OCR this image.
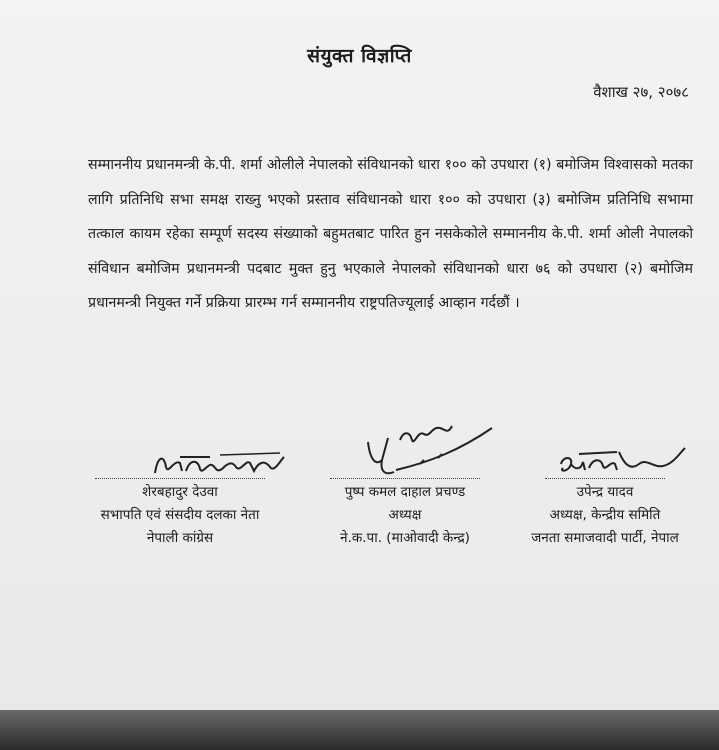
संयुक्त विज्ञप्ति
वैशाख २७, २०७८
सम्माननीय प्रधानमन्त्री के.पी. शर्मा ओलीले नेपालको संविधानको धारा १०० को उपधारा (१) बमोजिम विश्वासको मतका लागि प्रतिनिधि सभा समक्ष राख्नु भएको प्रस्ताव संविधानको धारा १०० को उपधारा (३) बमोजिम प्रतिनिधि सभामा तत्काल कायम रहेका सम्पूर्ण सदस्य संख्याको बहुमतबाट पारित हुन नसकेकोले सम्माननीय के.पी. शर्मा ओली नेपालको संविधान बमोजिम प्रधानमन्त्री पदबाट मुक्त हुनु भएकाले नेपालको संविधानको धारा ७६ को उपधारा (२) बमोजिम प्रधानमन्त्री नियुक्त गर्ने प्रक्रिया प्रारम्भ गर्न सम्माननीय राष्ट्रपतिज्यूलाई आव्हान गर्दछौं ।
शेरबहादुर देउवा
सभापति एवं संसदीय दलका नेता
नेपाली कांग्रेस
पुष्प कमल दाहाल प्रचण्ड
अध्यक्ष
ने.क.पा. (माओवादी केन्द्र)
उपेन्द्र यादव
अध्यक्ष, केन्द्रीय समिति
जनता समाजवादी पार्टी, नेपाल
